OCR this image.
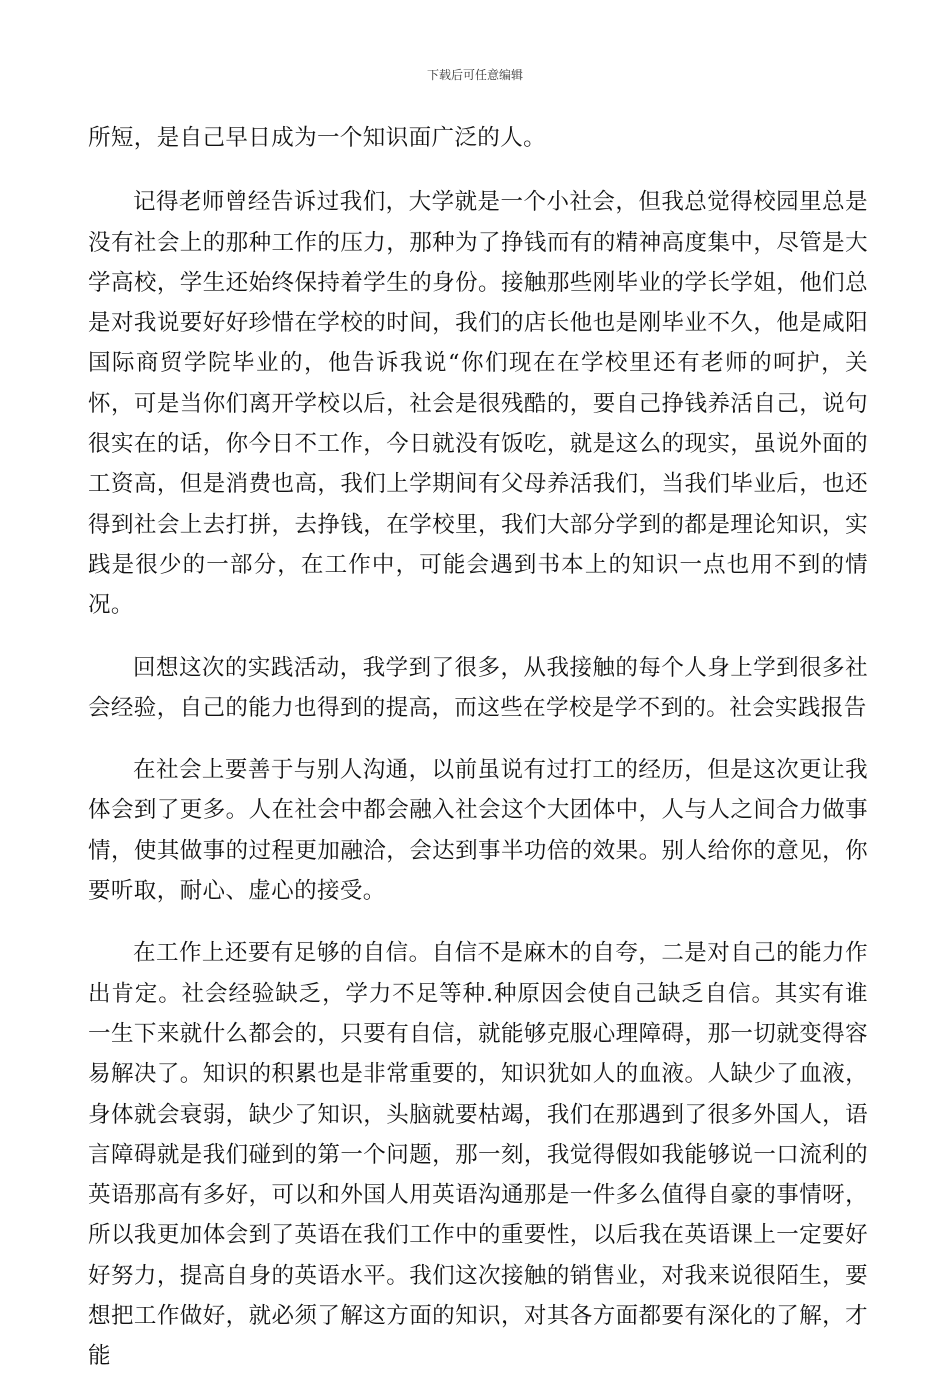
下载后可任意编辑

所短，是自己早日成为一个知识面广泛的人。

记得老师曾经告诉过我们，大学就是一个小社会，但我总觉得校园里总是没有社会上的那种工作的压力，那种为了挣钱而有的精神高度集中，尽管是大学高校，学生还始终保持着学生的身份。接触那些刚毕业的学长学姐，他们总是对我说要好好珍惜在学校的时间，我们的店长他也是刚毕业不久，他是咸阳国际商贸学院毕业的，他告诉我说“你们现在在学校里还有老师的呵护，关怀，可是当你们离开学校以后，社会是很残酷的，要自己挣钱养活自己，说句很实在的话，你今日不工作，今日就没有饭吃，就是这么的现实，虽说外面的工资高，但是消费也高，我们上学期间有父母养活我们，当我们毕业后，也还得到社会上去打拼，去挣钱，在学校里，我们大部分学到的都是理论知识，实践是很少的一部分，在工作中，可能会遇到书本上的知识一点也用不到的情况。

回想这次的实践活动，我学到了很多，从我接触的每个人身上学到很多社会经验，自己的能力也得到的提高，而这些在学校是学不到的。社会实践报告

在社会上要善于与别人沟通，以前虽说有过打工的经历，但是这次更让我体会到了更多。人在社会中都会融入社会这个大团体中，人与人之间合力做事情，使其做事的过程更加融洽，会达到事半功倍的效果。别人给你的意见，你要听取，耐心、虚心的接受。

在工作上还要有足够的自信。自信不是麻木的自夸，二是对自己的能力作出肯定。社会经验缺乏，学力不足等种.种原因会使自己缺乏自信。其实有谁一生下来就什么都会的，只要有自信，就能够克服心理障碍，那一切就变得容易解决了。知识的积累也是非常重要的，知识犹如人的血液。人缺少了血液，身体就会衰弱，缺少了知识，头脑就要枯竭，我们在那遇到了很多外国人，语言障碍就是我们碰到的第一个问题，那一刻，我觉得假如我能够说一口流利的英语那高有多好，可以和外国人用英语沟通那是一件多么值得自豪的事情呀，所以我更加体会到了英语在我们工作中的重要性，以后我在英语课上一定要好好努力，提高自身的英语水平。我们这次接触的销售业，对我来说很陌生，要想把工作做好，就必须了解这方面的知识，对其各方面都要有深化的了解，才能
